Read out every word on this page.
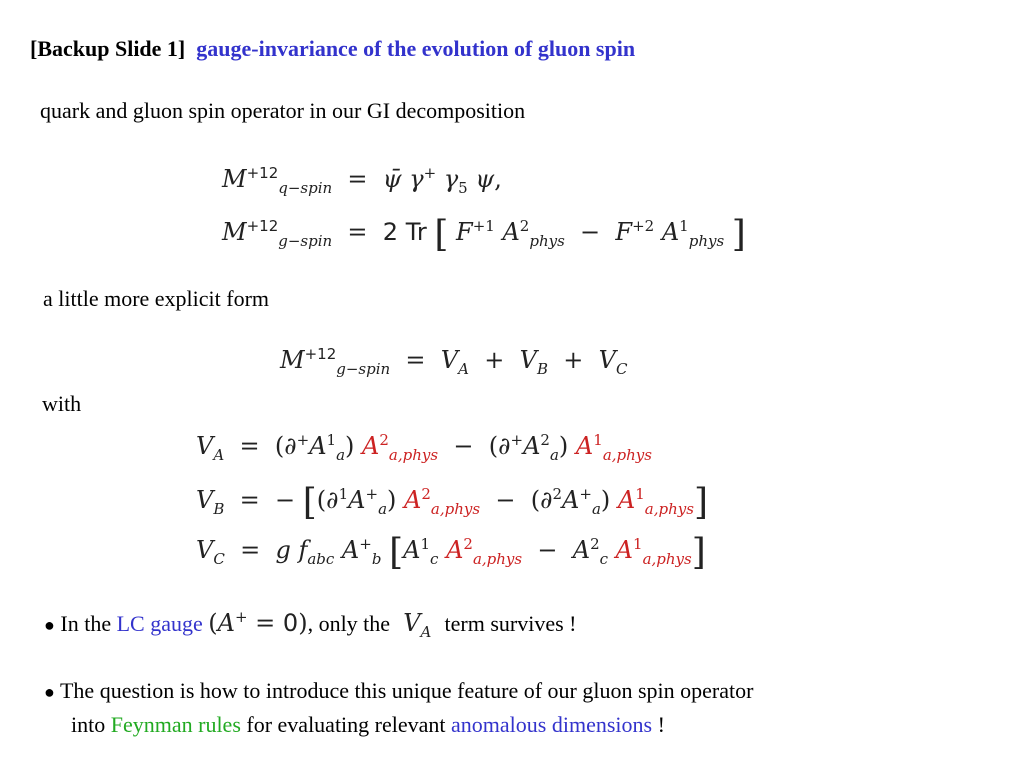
[Backup Slide 1] gauge-invariance of the evolution of gluon spin
quark and gluon spin operator in our GI decomposition
$M^{+12}_{q-spin}$  =  ψ̄ γ+ $\gamma_5$ ψ,
$M^{+12}_{g-spin} = 2$ Tr [ $F^{+1}$ $A^2_{phys} - F^{+2}$ $A^1_{phys}$ ]
a little more explicit form
$M^{+12}_{g-spin} = V_A + V_B + V_C$
with
$V_A = (\partial^+A^1_a) A^2_{a,phys} - (\partial^+A^2_a)$ $A^1_{a,phys}$
$V_B$  =  − [$(\partial^1A^+_a) A^2_{a,phys} - (\partial^2A^+_a)$ $A^1_{a,phys}$]
$V_C = g$ $f_{abc}$ $A^+_b$ [$A^1_c$ $A^2_{a,phys} - A^2_c$ $A^1_{a,phys}$]
● In the LC gauge (A+ = 0), only the  $V_A$ term survives !
● The question is how to introduce this unique feature of our gluon spin operator
into Feynman rules for evaluating relevant anomalous dimensions !
